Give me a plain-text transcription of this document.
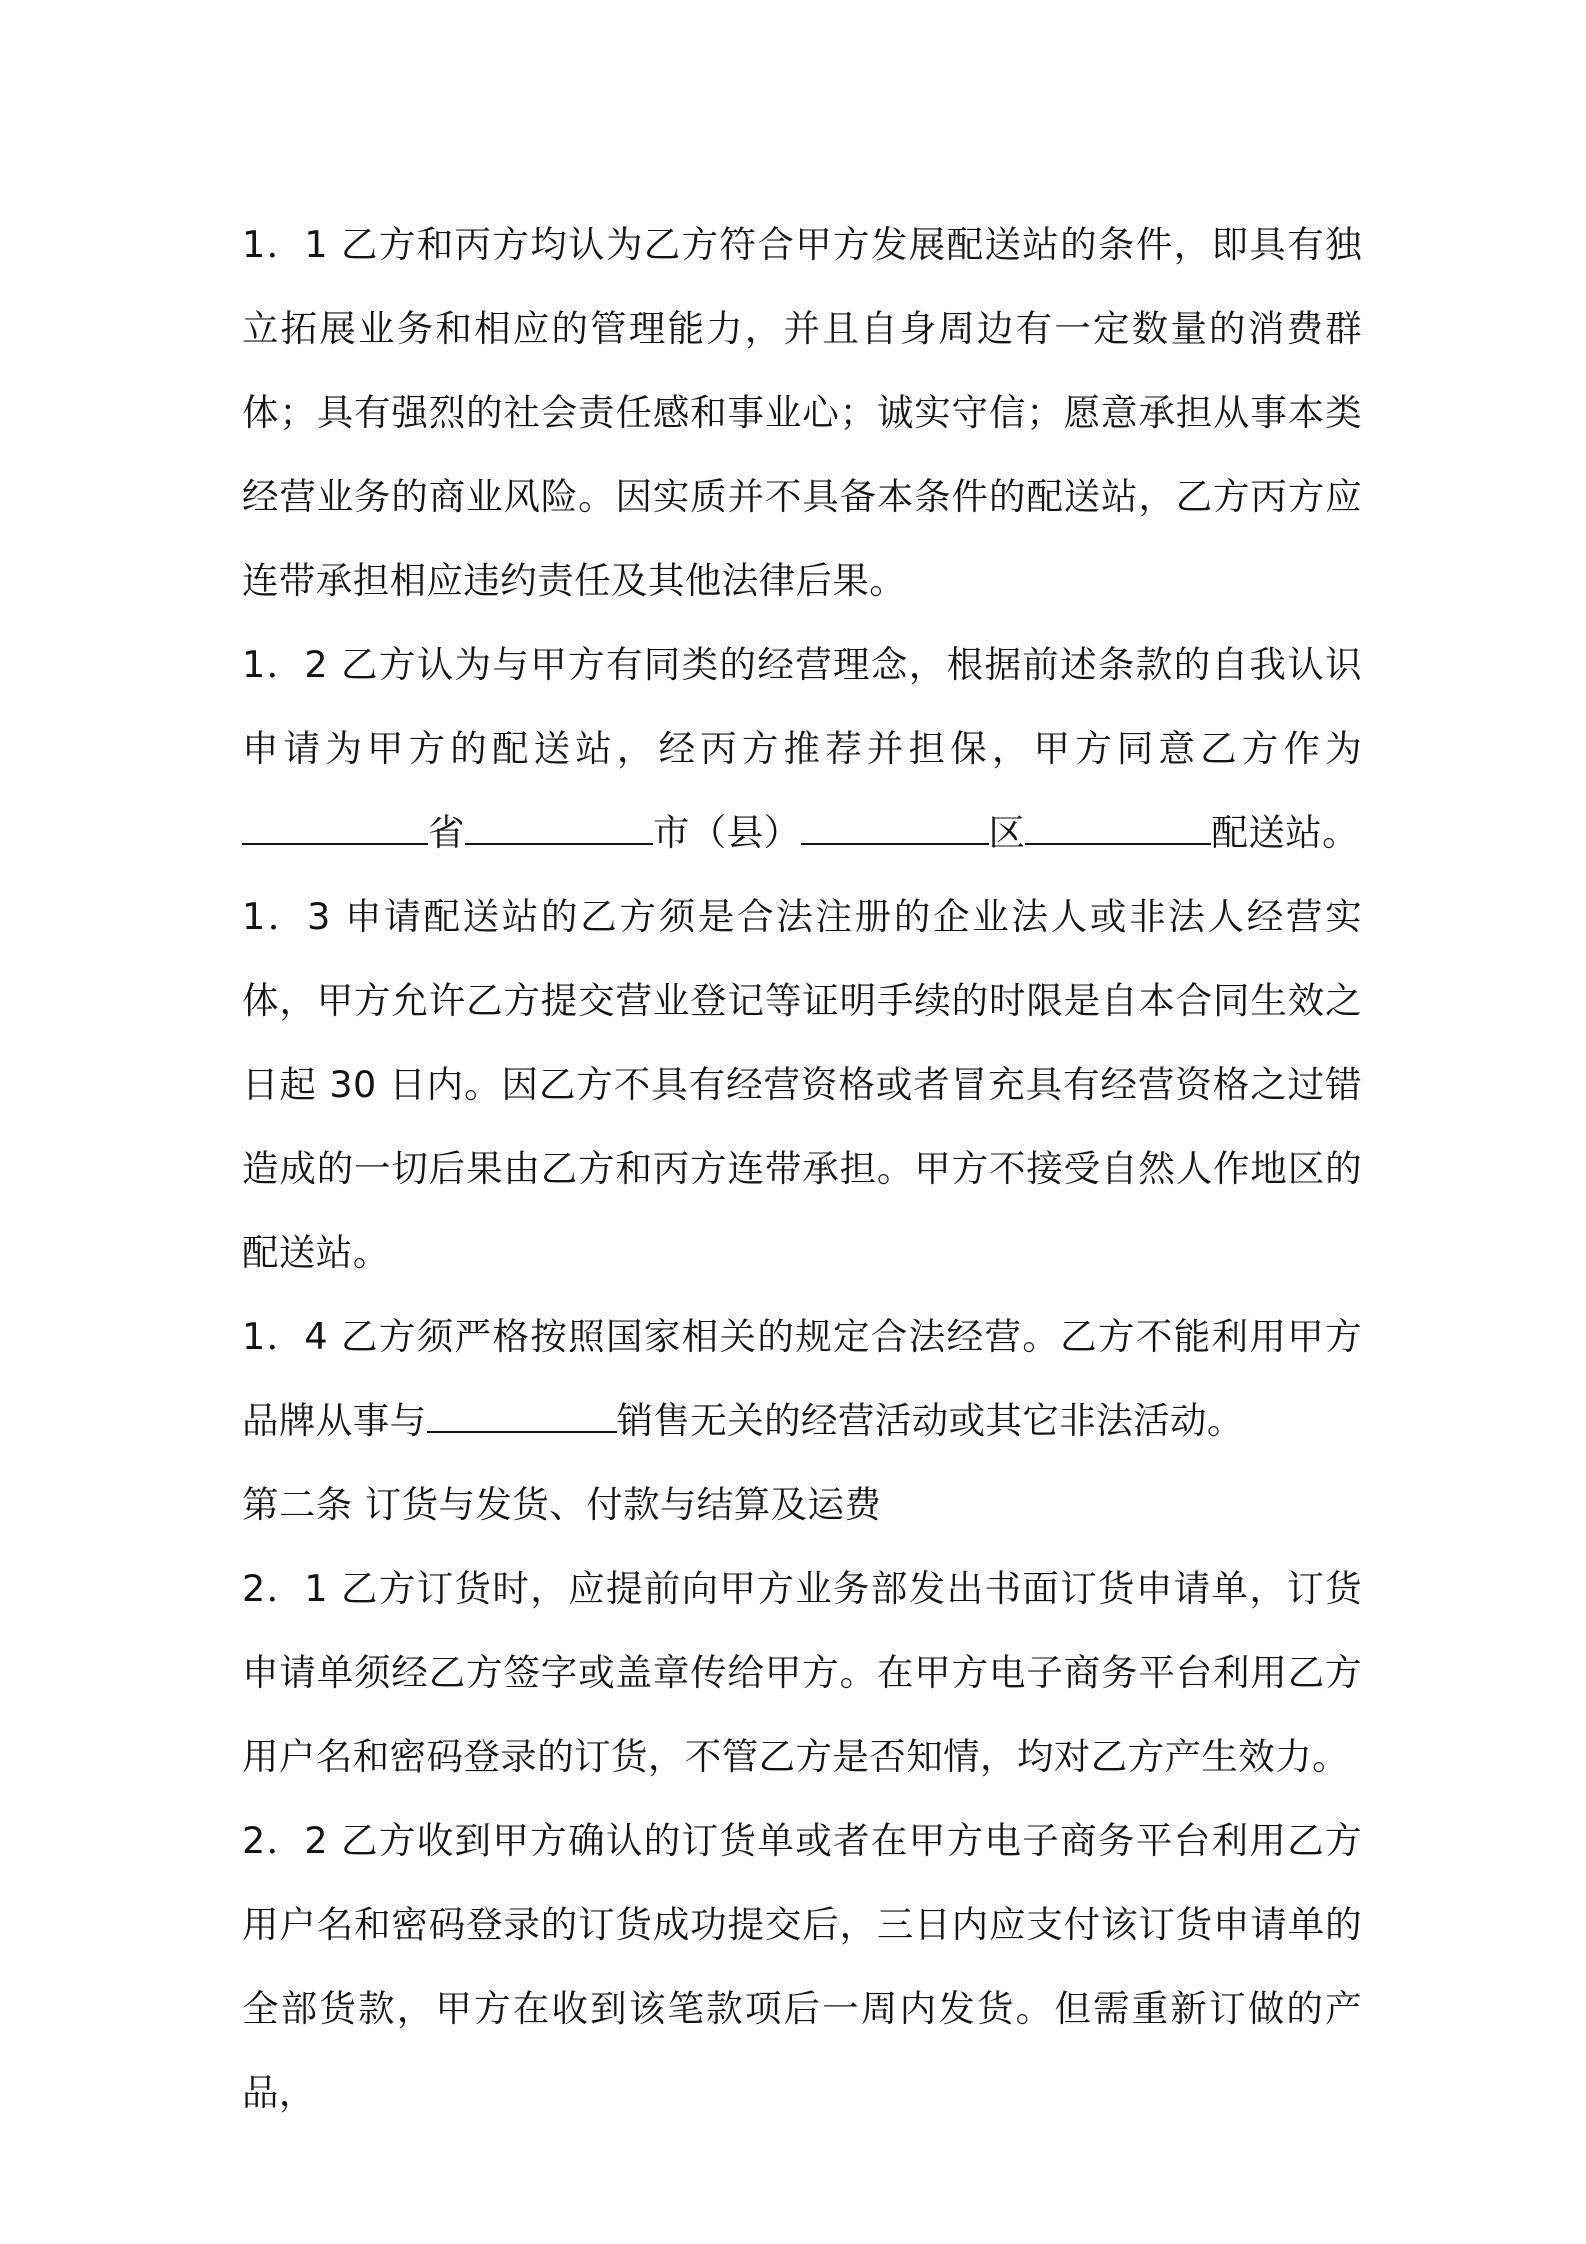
1．1 乙方和丙方均认为乙方符合甲方发展配送站的条件，即具有独立拓展业务和相应的管理能力，并且自身周边有一定数量的消费群体；具有强烈的社会责任感和事业心；诚实守信；愿意承担从事本类经营业务的商业风险。因实质并不具备本条件的配送站，乙方丙方应连带承担相应违约责任及其他法律后果。

1．2 乙方认为与甲方有同类的经营理念，根据前述条款的自我认识申请为甲方的配送站，经丙方推荐并担保，甲方同意乙方作为省	市（县）	区	配送站。

1．3 申请配送站的乙方须是合法注册的企业法人或非法人经营实体，甲方允许乙方提交营业登记等证明手续的时限是自本合同生效之日起 30 日内。因乙方不具有经营资格或者冒充具有经营资格之过错造成的一切后果由乙方和丙方连带承担。甲方不接受自然人作地区的配送站。

1．4 乙方须严格按照国家相关的规定合法经营。乙方不能利用甲方品牌从事与	销售无关的经营活动或其它非法活动。

第二条 订货与发货、付款与结算及运费

2．1 乙方订货时，应提前向甲方业务部发出书面订货申请单，订货申请单须经乙方签字或盖章传给甲方。在甲方电子商务平台利用乙方用户名和密码登录的订货，不管乙方是否知情，均对乙方产生效力。

2．2 乙方收到甲方确认的订货单或者在甲方电子商务平台利用乙方用户名和密码登录的订货成功提交后，三日内应支付该订货申请单的全部货款，甲方在收到该笔款项后一周内发货。但需重新订做的产品，
